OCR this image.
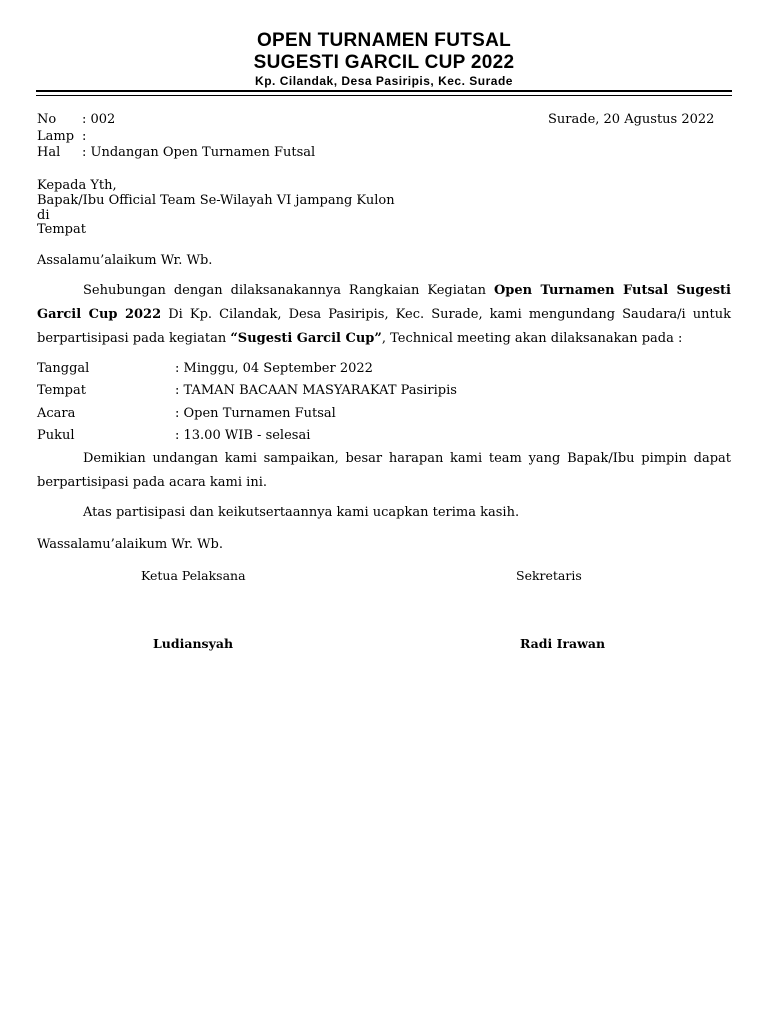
OPEN TURNAMEN FUTSAL
SUGESTI GARCIL CUP 2022
Kp. Cilandak, Desa Pasiripis, Kec. Surade
No : 002
Lamp :
Hal : Undangan Open Turnamen Futsal
Surade, 20 Agustus 2022
Kepada Yth,
Bapak/Ibu Official Team Se-Wilayah VI jampang Kulon
di
Tempat
Assalamu’alaikum Wr. Wb.
Sehubungan dengan dilaksanakannya Rangkaian Kegiatan Open Turnamen Futsal Sugesti Garcil Cup 2022 Di Kp. Cilandak, Desa Pasiripis, Kec. Surade, kami mengundang Saudara/i untuk berpartisipasi pada kegiatan “Sugesti Garcil Cup”, Technical meeting akan dilaksanakan pada :
Tanggal	: Minggu, 04 September 2022
Tempat	: TAMAN BACAAN MASYARAKAT Pasiripis
Acara	: Open Turnamen Futsal
Pukul	: 13.00 WIB - selesai
Demikian undangan kami sampaikan, besar harapan kami team yang Bapak/Ibu pimpin dapat berpartisipasi pada acara kami ini.
Atas partisipasi dan keikutsertaannya kami ucapkan terima kasih.
Wassalamu’alaikum Wr. Wb.
Ketua Pelaksana	Sekretaris
Ludiansyah	Radi Irawan
